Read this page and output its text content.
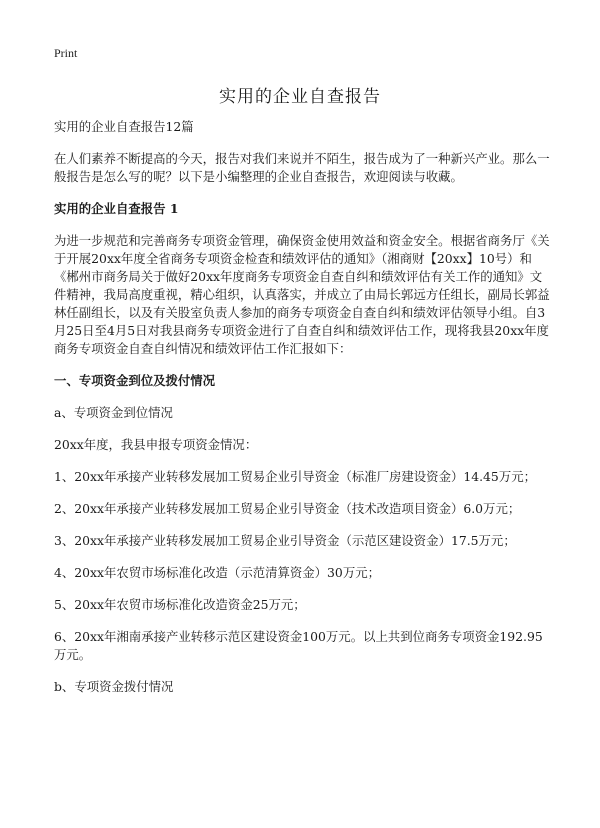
Print
实用的企业自查报告

实用的企业自查报告12篇

在人们素养不断提高的今天，报告对我们来说并不陌生，报告成为了一种新兴产业。那么一般报告是怎么写的呢？以下是小编整理的企业自查报告，欢迎阅读与收藏。

实用的企业自查报告 1

为进一步规范和完善商务专项资金管理，确保资金使用效益和资金安全。根据省商务厅《关于开展20xx年度全省商务专项资金检查和绩效评估的通知》（湘商财【20xx】10号）和《郴州市商务局关于做好20xx年度商务专项资金自查自纠和绩效评估有关工作的通知》文件精神，我局高度重视，精心组织，认真落实，并成立了由局长郭远方任组长，副局长郭益林任副组长，以及有关股室负责人参加的商务专项资金自查自纠和绩效评估领导小组。自3月25日至4月5日对我县商务专项资金进行了自查自纠和绩效评估工作，现将我县20xx年度商务专项资金自查自纠情况和绩效评估工作汇报如下：

一、专项资金到位及拨付情况

a、专项资金到位情况

20xx年度，我县申报专项资金情况：

1、20xx年承接产业转移发展加工贸易企业引导资金（标准厂房建设资金）14.45万元；

2、20xx年承接产业转移发展加工贸易企业引导资金（技术改造项目资金）6.0万元；

3、20xx年承接产业转移发展加工贸易企业引导资金（示范区建设资金）17.5万元；

4、20xx年农贸市场标准化改造（示范清算资金）30万元；

5、20xx年农贸市场标准化改造资金25万元；

6、20xx年湘南承接产业转移示范区建设资金100万元。以上共到位商务专项资金192.95万元。

b、专项资金拨付情况
